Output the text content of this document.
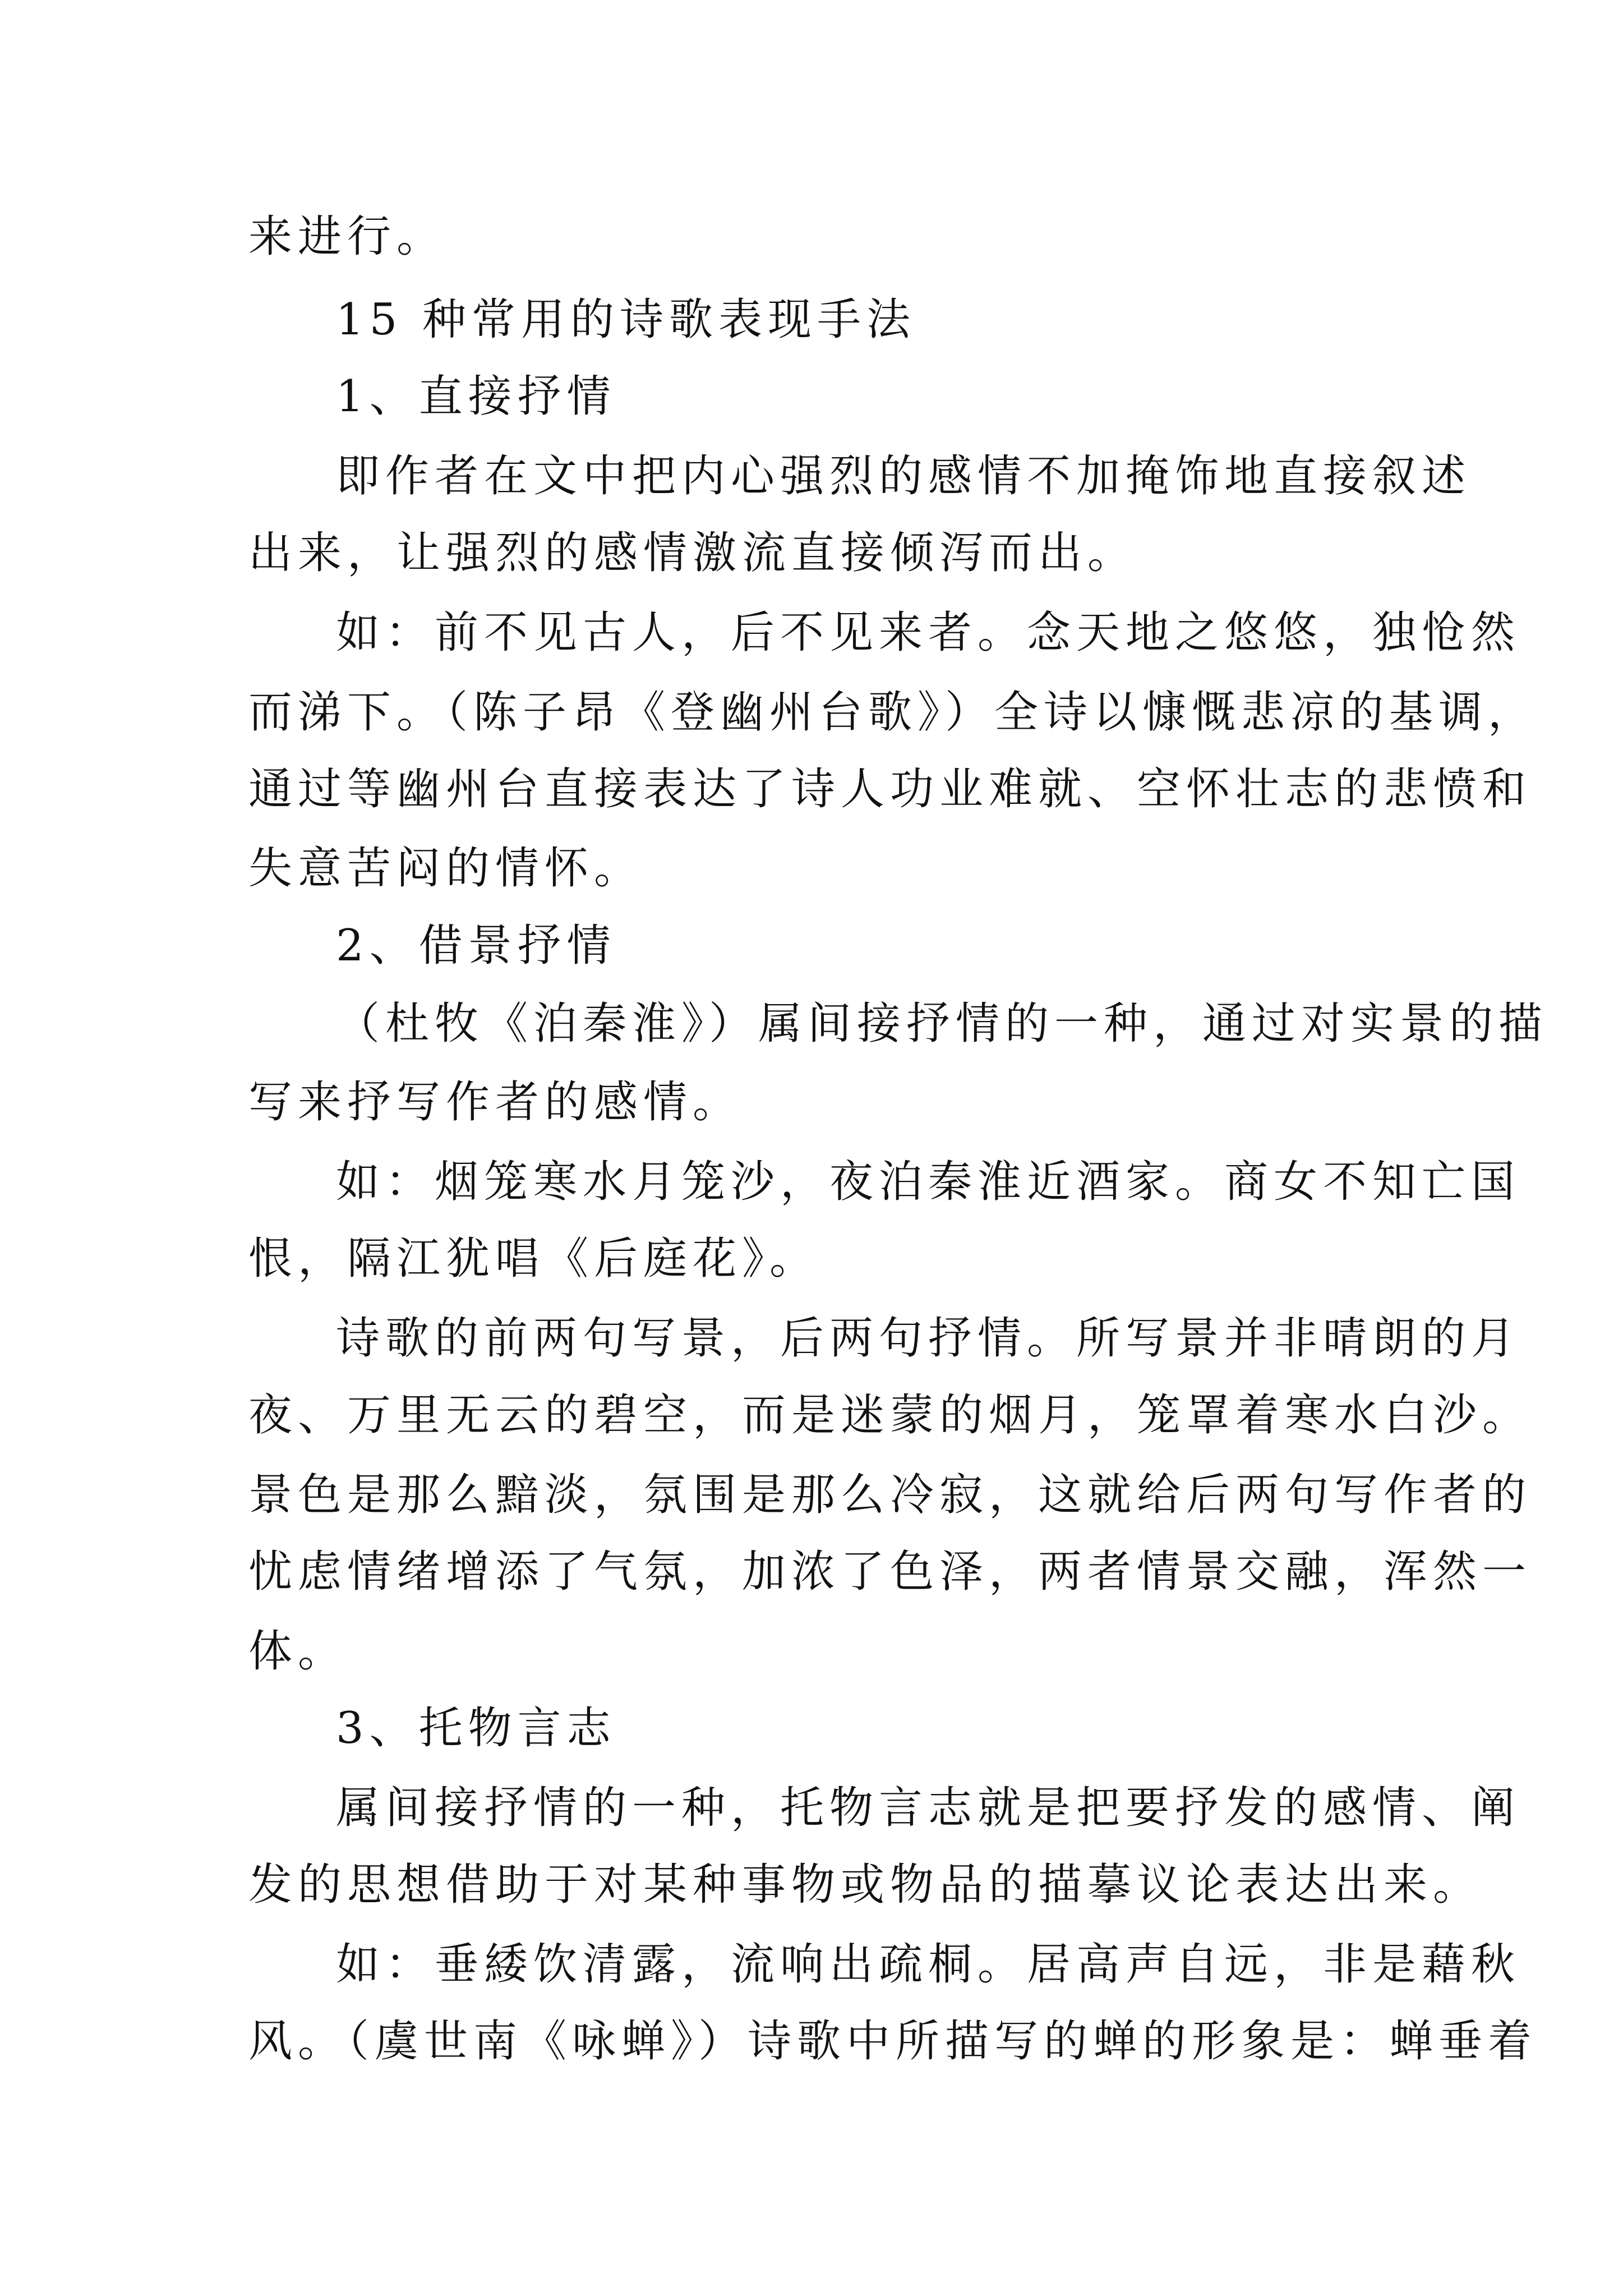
来进行。
15 种常用的诗歌表现手法
1、直接抒情
即作者在文中把内心强烈的感情不加掩饰地直接叙述
出来，让强烈的感情激流直接倾泻而出。
如：前不见古人，后不见来者。念天地之悠悠，独怆然
而涕下。（陈子昂《登幽州台歌》）全诗以慷慨悲凉的基调，
通过等幽州台直接表达了诗人功业难就、空怀壮志的悲愤和
失意苦闷的情怀。
2、借景抒情
（杜牧《泊秦淮》）属间接抒情的一种，通过对实景的描
写来抒写作者的感情。
如：烟笼寒水月笼沙，夜泊秦淮近酒家。商女不知亡国
恨，隔江犹唱《后庭花》。
诗歌的前两句写景，后两句抒情。所写景并非晴朗的月
夜、万里无云的碧空，而是迷蒙的烟月，笼罩着寒水白沙。
景色是那么黯淡，氛围是那么冷寂，这就给后两句写作者的
忧虑情绪增添了气氛，加浓了色泽，两者情景交融，浑然一
体。
3、托物言志
属间接抒情的一种，托物言志就是把要抒发的感情、阐
发的思想借助于对某种事物或物品的描摹议论表达出来。
如：垂緌饮清露，流响出疏桐。居高声自远，非是藉秋
风。（虞世南《咏蝉》）诗歌中所描写的蝉的形象是：蝉垂着
